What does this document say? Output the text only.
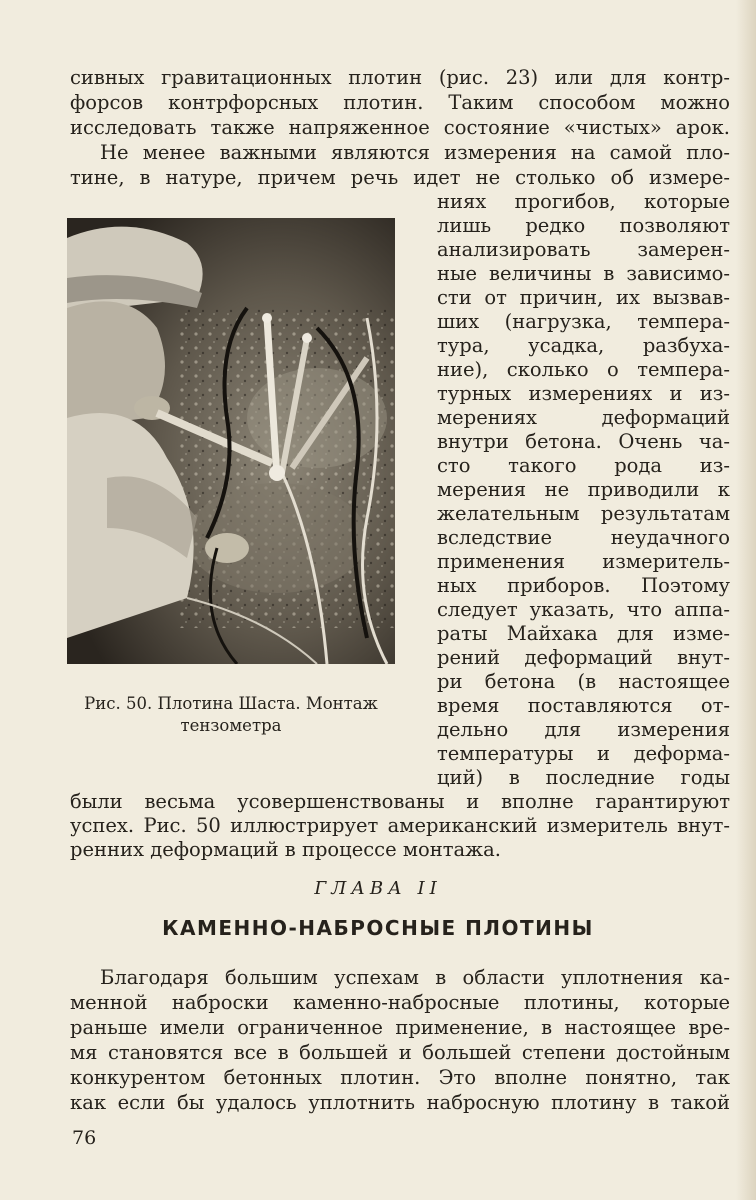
сивных гравитационных плотин (рис. 23) или для контр-
форсов контрфорсных плотин. Таким способом можно
исследовать также напряженное состояние «чистых» арок.
Не менее важными являются измерения на самой пло-
тине, в натуре, причем речь идет не столько об измере-
ниях прогибов, которые
лишь редко позволяют
анализировать замерен-
ные величины в зависимо-
сти от причин, их вызвав-
ших (нагрузка, темпера-
тура, усадка, разбуха-
ние), сколько о темпера-
турных измерениях и из-
мерениях деформаций
внутри бетона. Очень ча-
сто такого рода из-
мерения не приводили к
желательным результатам
вследствие неудачного
применения измеритель-
ных приборов. Поэтому
следует указать, что аппа-
раты Майхака для изме-
рений деформаций внут-
ри бетона (в настоящее
время поставляются от-
дельно для измерения
температуры и деформа-
ций) в последние годы
были весьма усовершенствованы и вполне гарантируют
успех. Рис. 50 иллюстрирует американский измеритель внут-
ренних деформаций в процессе монтажа.
Рис. 50. Плотина Шаста. Монтаж
тензометра
ГЛАВА II
КАМЕННО-НАБРОСНЫЕ ПЛОТИНЫ
Благодаря большим успехам в области уплотнения ка-
менной наброски каменно-набросные плотины, которые
раньше имели ограниченное применение, в настоящее вре-
мя становятся все в большей и большей степени достойным
конкурентом бетонных плотин. Это вполне понятно, так
как если бы удалось уплотнить набросную плотину в такой
76
